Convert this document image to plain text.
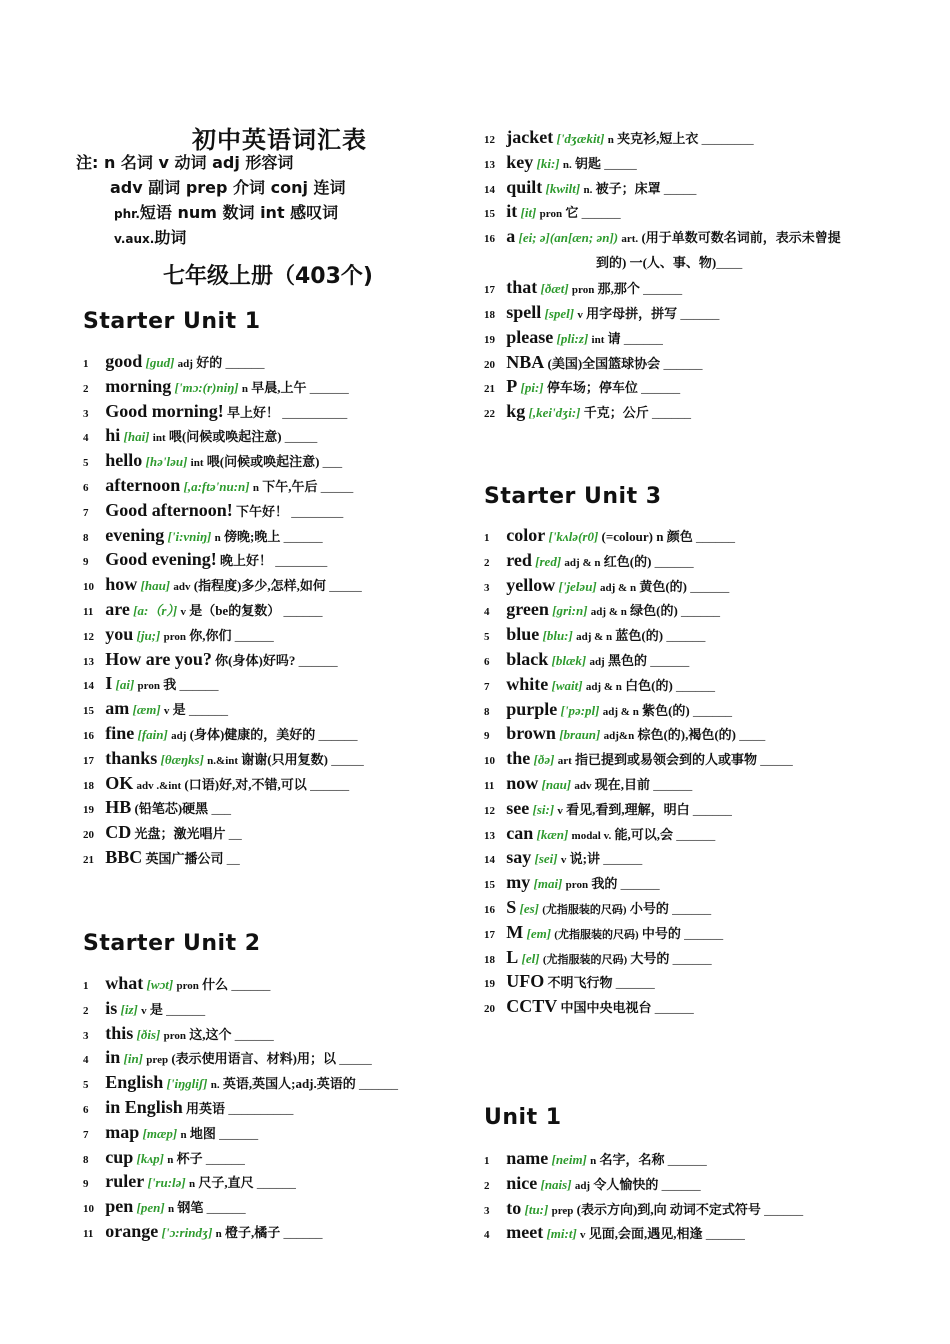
初中英语词汇表
注: n 名词 v 动词 adj 形容词
adv 副词 prep 介词 conj 连词
phr.短语 num 数词 int 感叹词
v.aux.助词
七年级上册（403个)
Starter Unit 1
Starter Unit 2
Starter Unit 3
Unit 1
1 good [gud] adj 好的 ______
2 morning ['mɔ:(r)niŋ] n 早晨,上午 ______
3 Good morning! 早上好！ __________
4 hi [hai] int 喂(问候或唤起注意) _____
5 hello [hə'ləu] int 喂(问候或唤起注意) ___
6 afternoon [,ɑ:ftə'nu:n] n 下午,午后 _____
7 Good afternoon! 下午好！ ________
8 evening ['i:vniŋ] n 傍晚;晚上 ______
9 Good evening! 晚上好！ ________
10 how [hau] adv (指程度)多少,怎样,如何 _____
11 are [ɑ:（r）] v 是（be的复数） ______
12 you [ju;] pron 你,你们 ______
13 How are you? 你(身体)好吗? ______
14 I [ai] pron 我 ______
15 am [æm] v 是 ______
16 fine [fain] adj (身体)健康的，美好的 ______
17 thanks [θæŋks] n.&int 谢谢(只用复数) _____
18 OK adv .&int (口语)好,对,不错,可以 ______
19 HB (铅笔芯)硬黑 ___
20 CD 光盘；激光唱片 __
21 BBC 英国广播公司 __
1 what [wɔt] pron 什么 ______
2 is [iz] v 是 ______
3 this [ðis] pron 这,这个 ______
4 in [in] prep (表示使用语言、材料)用；以 _____
5 English ['iŋgliʃ] n. 英语,英国人;adj.英语的 ______
6 in English 用英语 __________
7 map [mæp] n 地图 ______
8 cup [kʌp] n 杯子 ______
9 ruler ['ru:lə] n 尺子,直尺 ______
10 pen [pen] n 钢笔 ______
11 orange ['ɔ:rindʒ] n 橙子,橘子 ______
12 jacket ['dʒækit] n 夹克衫,短上衣 ________
13 key [ki:] n. 钥匙 _____
14 quilt [kwilt] n. 被子；床罩 _____
15 it [it] pron 它 ______
16 a [ei; ə](an[æn; ən]) art. (用于单数可数名词前，表示未曾提
到的) 一(人、事、物)____
17 that [ðæt] pron 那,那个 ______
18 spell [spel] v 用字母拼，拼写 ______
19 please [pli:z] int 请 ______
20 NBA (美国)全国篮球协会 ______
21 P [pi:] 停车场；停车位 ______
22 kg [,kei'dʒi:] 千克；公斤 ______
1 color ['kʌlə(r0] (=colour) n 颜色 ______
2 red [red] adj & n 红色(的) ______
3 yellow ['jeləu] adj & n 黄色(的) ______
4 green [gri:n] adj & n 绿色(的) ______
5 blue [blu:] adj & n 蓝色(的) ______
6 black [blæk] adj 黑色的 ______
7 white [wait] adj & n 白色(的) ______
8 purple ['pə:pl] adj & n 紫色(的) ______
9 brown [braun] adj&n 棕色(的),褐色(的) ____
10 the [ðə] art 指已提到或易领会到的人或事物 _____
11 now [nau] adv 现在,目前 ______
12 see [si:] v 看见,看到,理解，明白 ______
13 can [kæn] modal v. 能,可以,会 ______
14 say [sei] v 说;讲 ______
15 my [mai] pron 我的 ______
16 S [es] (尤指服装的尺码) 小号的 ______
17 M [em] (尤指服装的尺码) 中号的 ______
18 L [el] (尤指服装的尺码) 大号的 ______
19 UFO 不明飞行物 ______
20 CCTV 中国中央电视台 ______
1 name [neim] n 名字，名称 ______
2 nice [nais] adj 令人愉快的 ______
3 to [tu:] prep (表示方向)到,向 动词不定式符号 ______
4 meet [mi:t] v 见面,会面,遇见,相逢 ______
